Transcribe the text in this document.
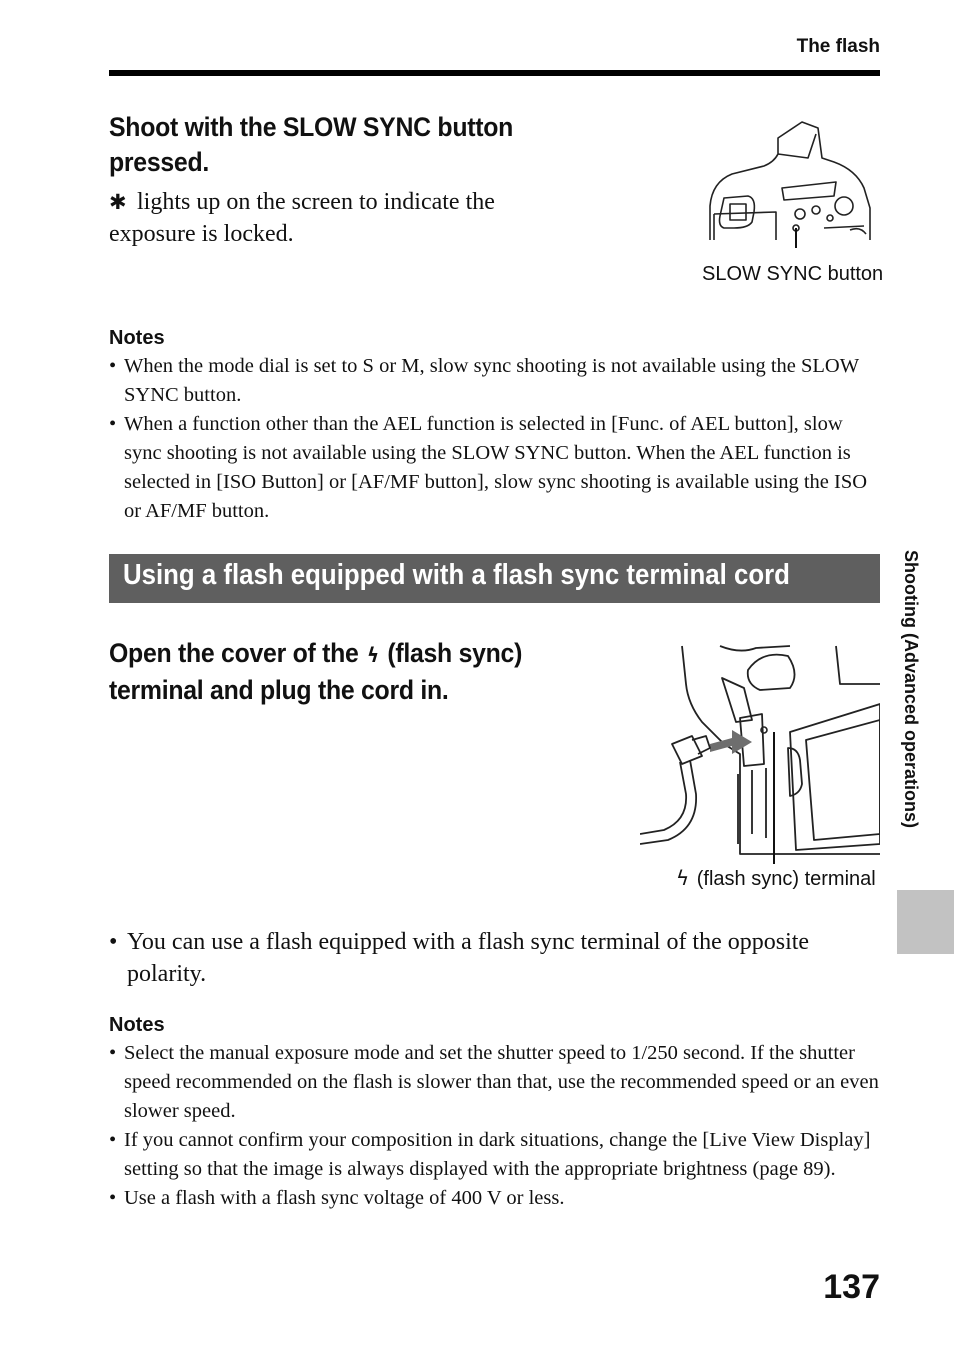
The flash
Shoot with the SLOW SYNC button pressed.
✱ lights up on the screen to indicate the exposure is locked.
SLOW SYNC button
Notes
• When the mode dial is set to S or M, slow sync shooting is not available using the SLOW SYNC button.
• When a function other than the AEL function is selected in [Func. of AEL button], slow sync shooting is not available using the SLOW SYNC button. When the AEL function is selected in [ISO Button] or [AF/MF button], slow sync shooting is available using the ISO or AF/MF button.
Using a flash equipped with a flash sync terminal cord
Open the cover of the ϟ (flash sync) terminal and plug the cord in.
ϟ (flash sync) terminal
• You can use a flash equipped with a flash sync terminal of the opposite polarity.
Notes
• Select the manual exposure mode and set the shutter speed to 1/250 second. If the shutter speed recommended on the flash is slower than that, use the recommended speed or an even slower speed.
• If you cannot confirm your composition in dark situations, change the [Live View Display] setting so that the image is always displayed with the appropriate brightness (page 89).
• Use a flash with a flash sync voltage of 400 V or less.
Shooting (Advanced operations)
137
